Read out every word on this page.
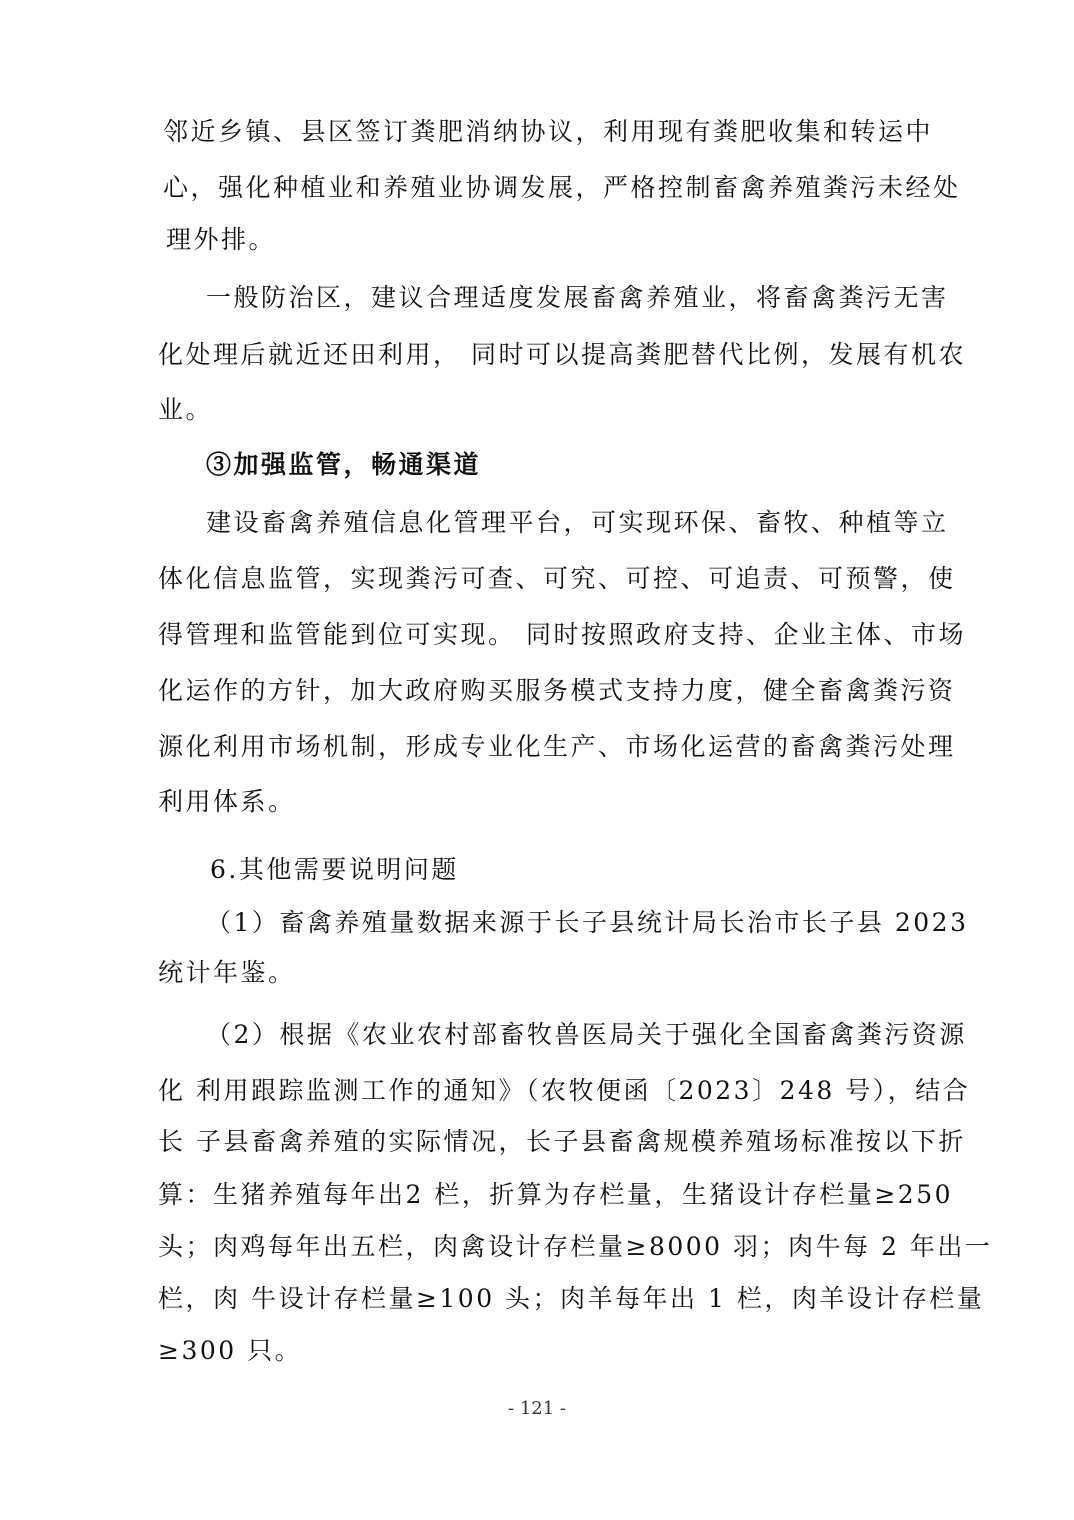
邻近乡镇、县区签订粪肥消纳协议，利用现有粪肥收集和转运中
心，强化种植业和养殖业协调发展，严格控制畜禽养殖粪污未经处
理外排。
一般防治区，建议合理适度发展畜禽养殖业，将畜禽粪污无害
化处理后就近还田利用， 同时可以提高粪肥替代比例，发展有机农
业。
③加强监管，畅通渠道
建设畜禽养殖信息化管理平台，可实现环保、畜牧、种植等立
体化信息监管，实现粪污可查、可究、可控、可追责、可预警，使
得管理和监管能到位可实现。 同时按照政府支持、企业主体、市场
化运作的方针，加大政府购买服务模式支持力度，健全畜禽粪污资
源化利用市场机制，形成专业化生产、市场化运营的畜禽粪污处理
利用体系。
6.其他需要说明问题
（1）畜禽养殖量数据来源于长子县统计局长治市长子县 2023
统计年鉴。
（2）根据《农业农村部畜牧兽医局关于强化全国畜禽粪污资源
化 利用跟踪监测工作的通知》（农牧便函〔2023〕248 号），结合
长 子县畜禽养殖的实际情况，长子县畜禽规模养殖场标准按以下折
算：生猪养殖每年出2 栏，折算为存栏量，生猪设计存栏量≥250
头；肉鸡每年出五栏，肉禽设计存栏量≥8000 羽；肉牛每 2 年出一
栏，肉 牛设计存栏量≥100 头；肉羊每年出 1 栏，肉羊设计存栏量
≥300 只。
- 121 -
